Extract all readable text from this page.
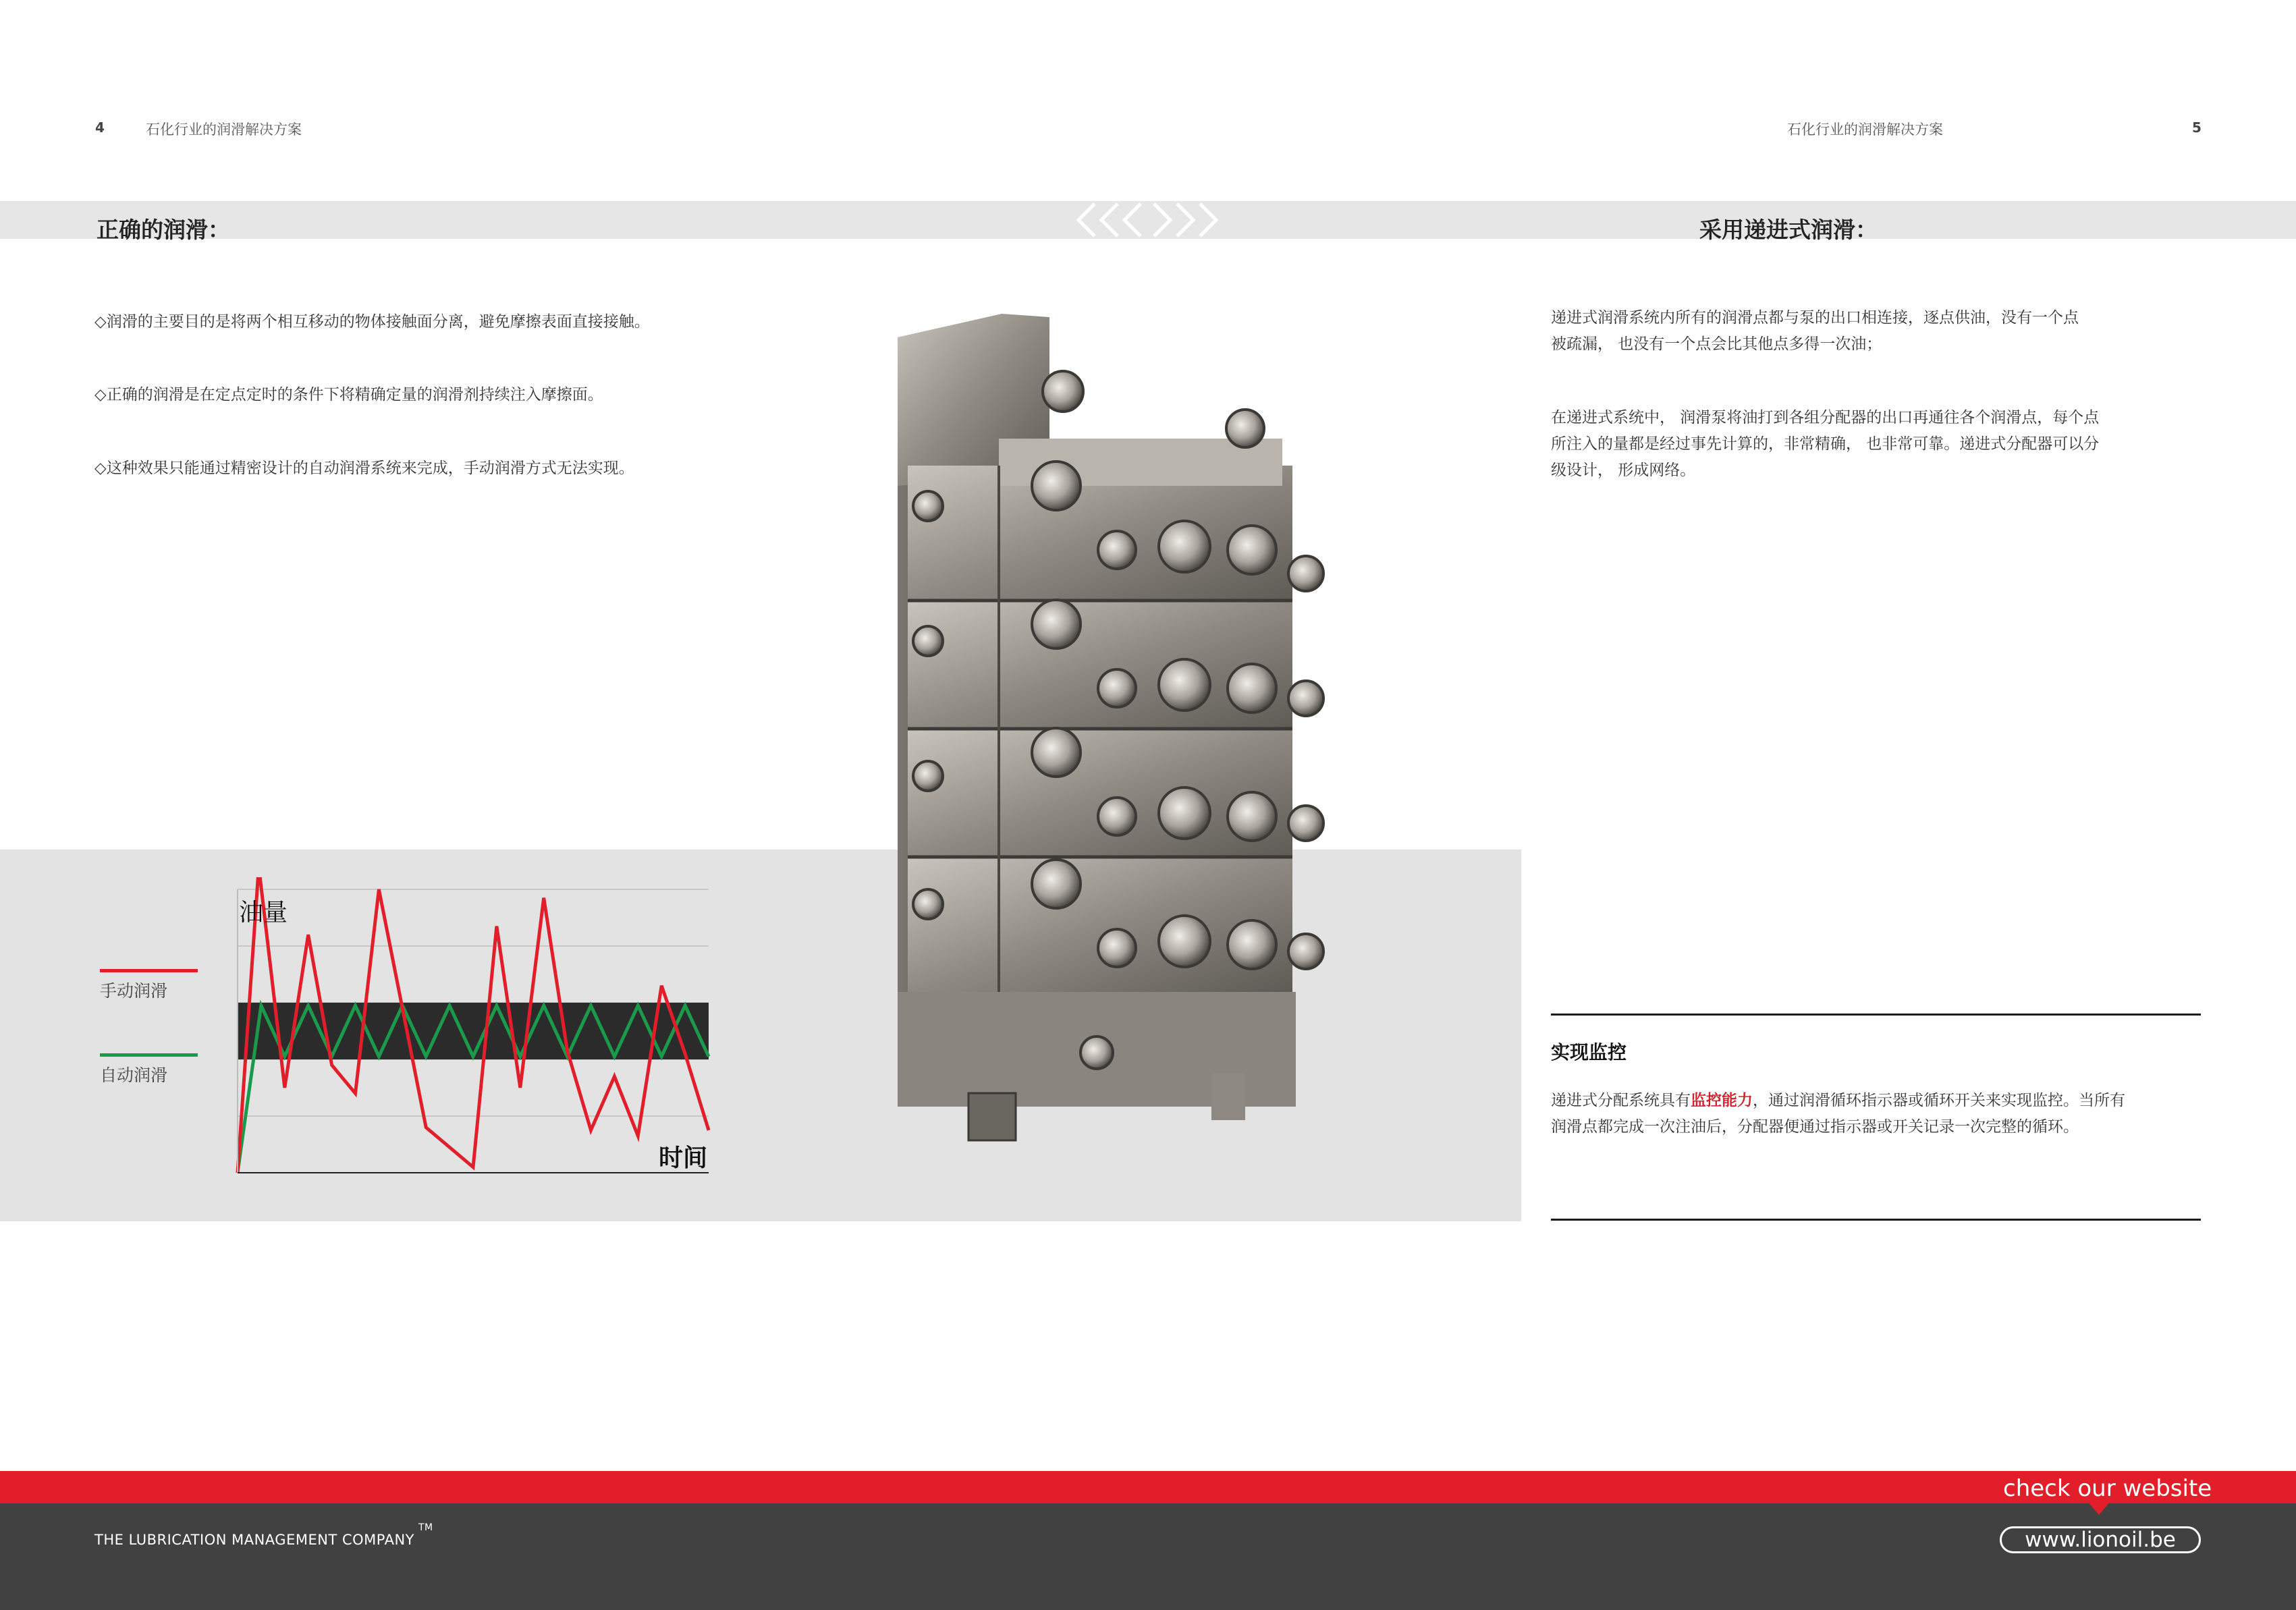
4	石化行业的润滑解决方案	石化行业的润滑解决方案	5
正确的润滑：	采用递进式润滑：
◇润滑的主要目的是将两个相互移动的物体接触面分离，避免摩擦表面直接接触。
◇正确的润滑是在定点定时的条件下将精确定量的润滑剂持续注入摩擦面。
◇这种效果只能通过精密设计的自动润滑系统来完成，手动润滑方式无法实现。
递进式润滑系统内所有的润滑点都与泵的出口相连接，逐点供油，没有一个点
被疏漏， 也没有一个点会比其他点多得一次油；
在递进式系统中， 润滑泵将油打到各组分配器的出口再通往各个润滑点，每个点
所注入的量都是经过事先计算的，非常精确， 也非常可靠。递进式分配器可以分
级设计， 形成网络。
手动润滑
自动润滑
油量
时间
实现监控
递进式分配系统具有监控能力，通过润滑循环指示器或循环开关来实现监控。当所有
润滑点都完成一次注油后，分配器便通过指示器或开关记录一次完整的循环。
THE LUBRICATION MANAGEMENT COMPANY™
check our website
www.lionoil.be
